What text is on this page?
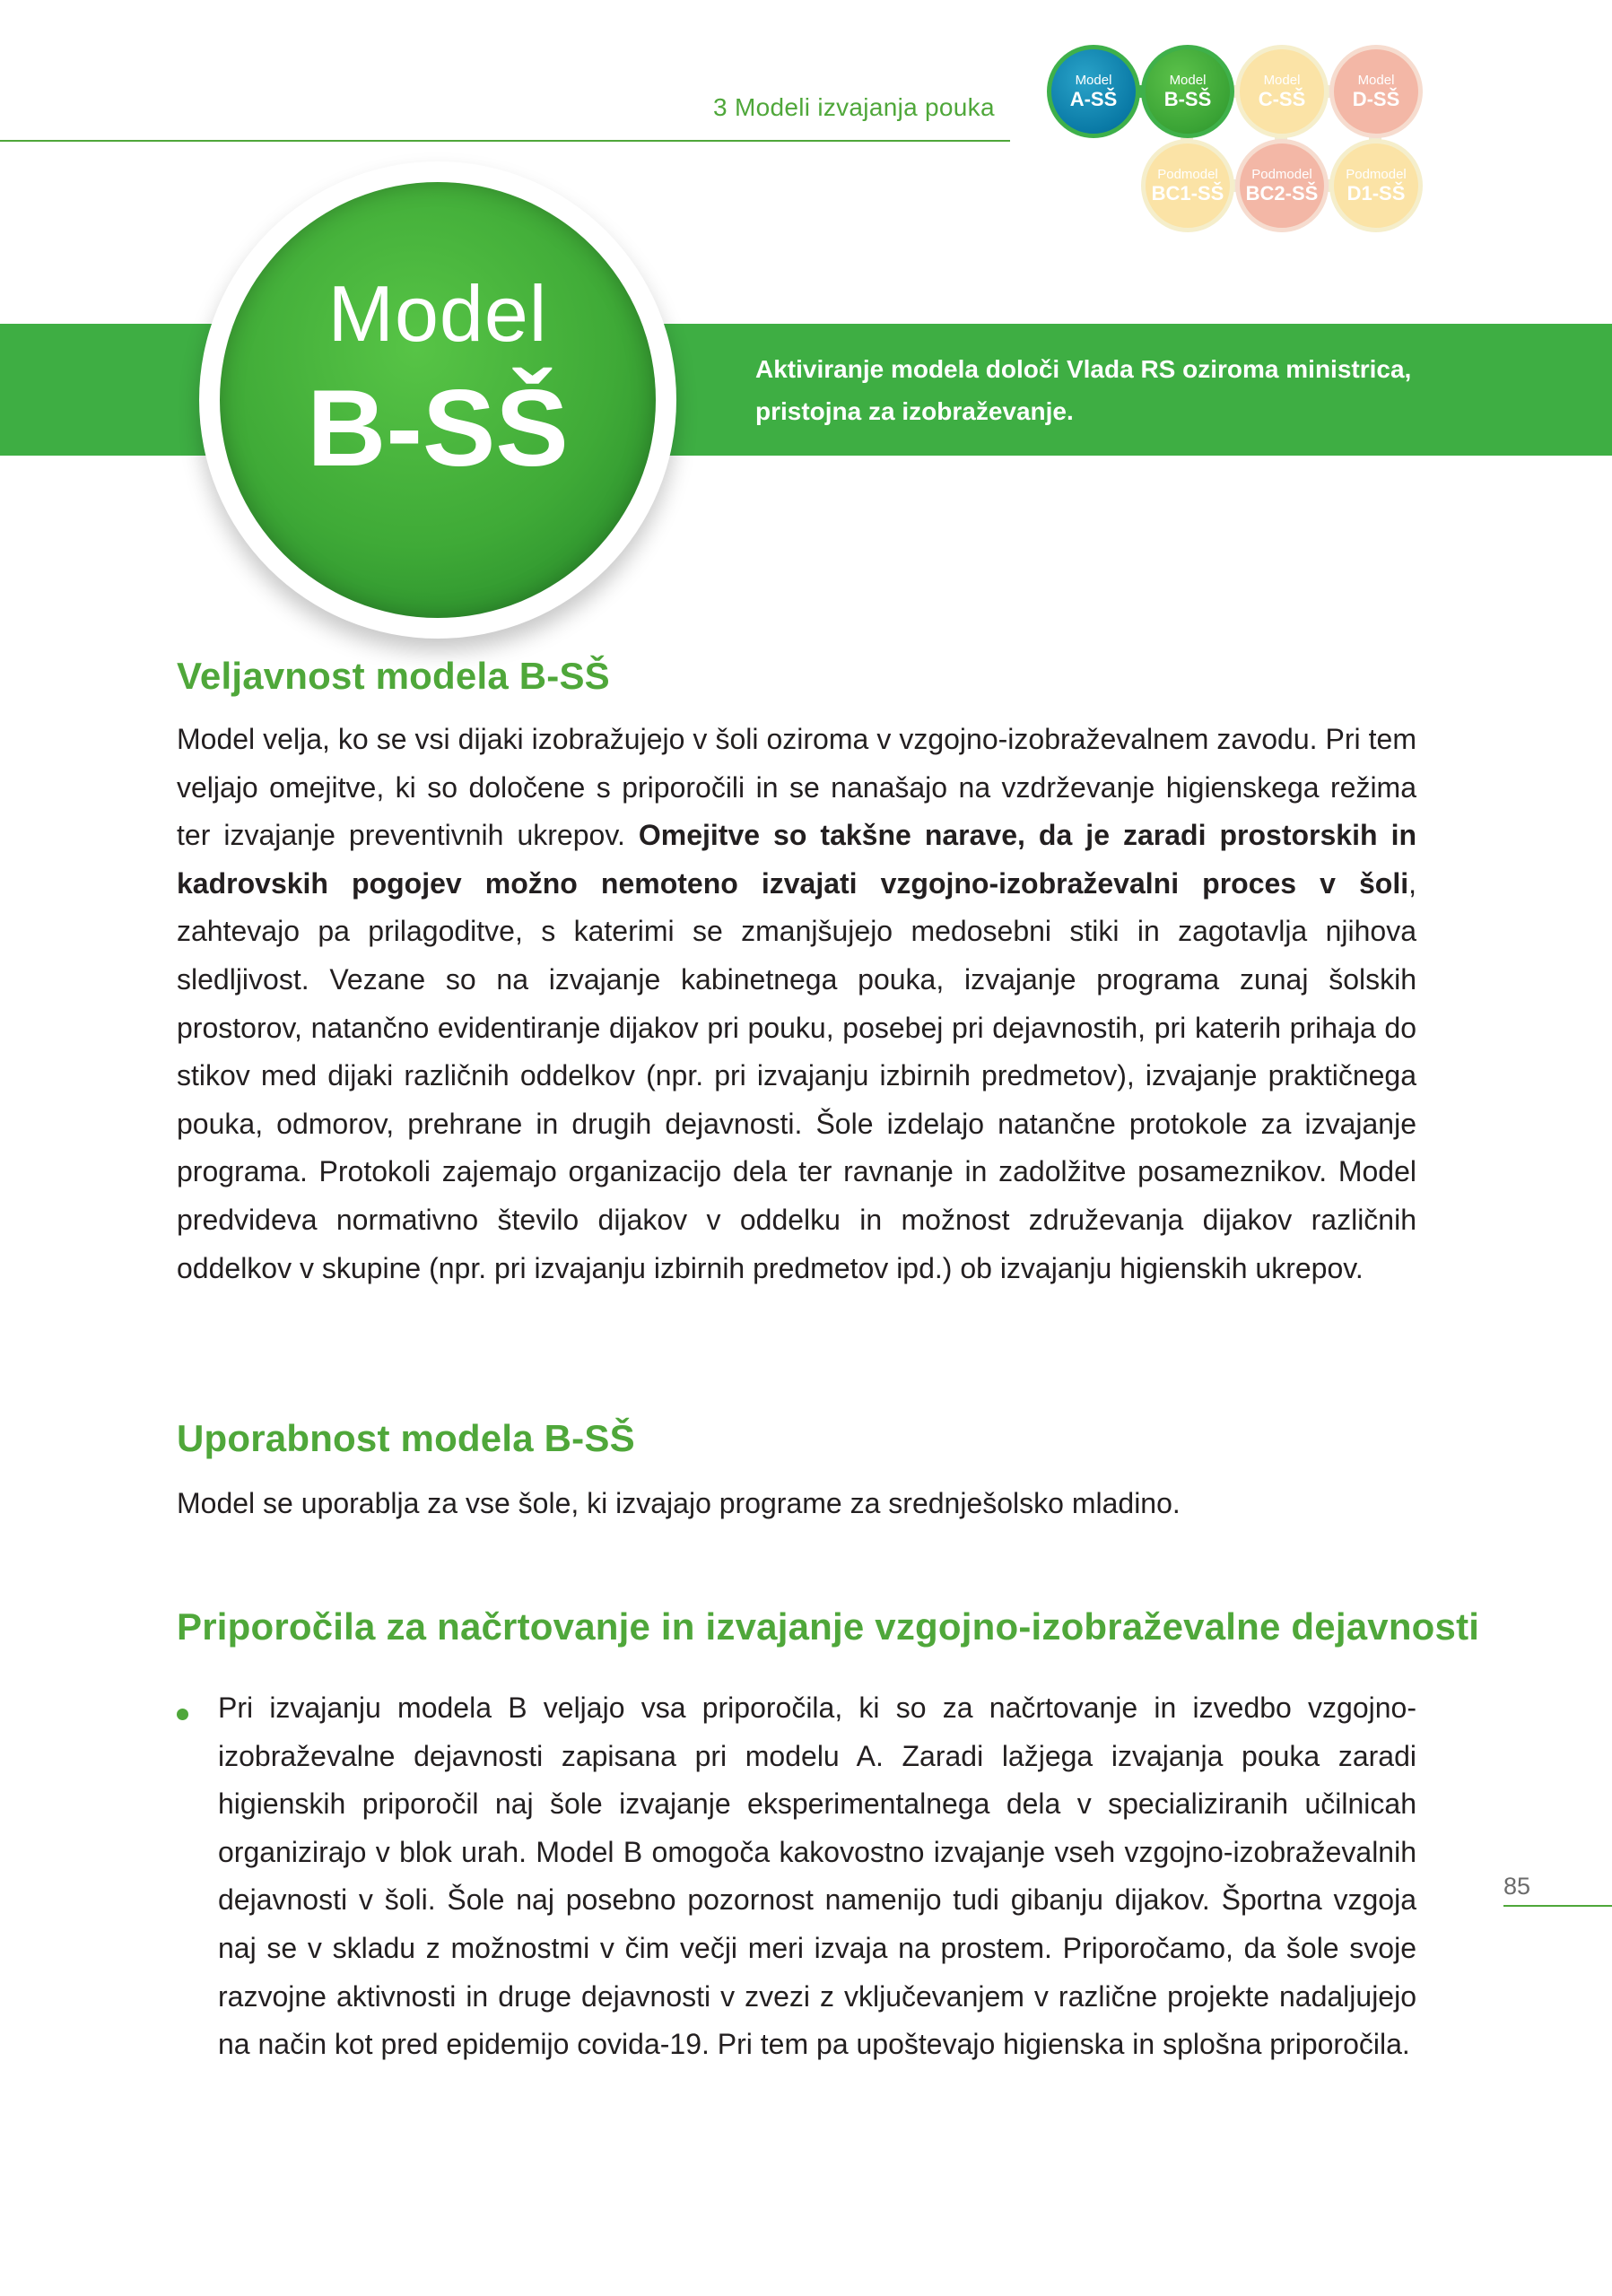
3 Modeli izvajanja pouka
Model
A-SŠ
Model
B-SŠ
Model
C-SŠ
Model
D-SŠ
Podmodel
BC1-SŠ
Podmodel
BC2-SŠ
Podmodel
D1-SŠ
Aktiviranje modela določi Vlada RS oziroma ministrica,
pristojna za izobraževanje.
Model
B-SŠ
Veljavnost modela B-SŠ

Model velja, ko se vsi dijaki izobražujejo v šoli oziroma v vzgojno-izobraževalnem zavodu. Pri tem veljajo omejitve, ki so določene s priporočili in se nanašajo na vzdrževanje higienskega režima ter izvajanje preventivnih ukrepov. Omejitve so takšne narave, da je zaradi prostorskih in kadrovskih pogojev možno nemoteno izvajati vzgojno-izobraževalni proces v šoli, zahtevajo pa prilagoditve, s katerimi se zmanjšujejo medosebni stiki in zagotavlja njihova sledljivost. Vezane so na izvajanje kabinetnega pouka, izvajanje programa zunaj šolskih prostorov, natančno evidentiranje dijakov pri pouku, posebej pri dejavnostih, pri katerih prihaja do stikov med dijaki različnih oddelkov (npr. pri izvajanju izbirnih predmetov), izvajanje praktičnega pouka, odmorov, prehrane in drugih dejavnosti. Šole izdelajo natančne protokole za izvajanje programa. Protokoli zajemajo organizacijo dela ter ravnanje in zadolžitve posameznikov. Model predvideva normativno število dijakov v oddelku in možnost združevanja dijakov različnih oddelkov v skupine (npr. pri izvajanju izbirnih predmetov ipd.) ob izvajanju higienskih ukrepov.

Uporabnost modela B-SŠ

Model se uporablja za vse šole, ki izvajajo programe za srednješolsko mladino.

Priporočila za načrtovanje in izvajanje vzgojno-izobraževalne dejavnosti

Pri izvajanju modela B veljajo vsa priporočila, ki so za načrtovanje in izvedbo vzgojno-izobraževalne dejavnosti zapisana pri modelu A. Zaradi lažjega izvajanja pouka zaradi higienskih priporočil naj šole izvajanje eksperimentalnega dela v specializiranih učilnicah organizirajo v blok urah. Model B omogoča kakovostno izvajanje vseh vzgojno-izobraževalnih dejavnosti v šoli. Šole naj posebno pozornost namenijo tudi gibanju dijakov. Športna vzgoja naj se v skladu z možnostmi v čim večji meri izvaja na prostem. Priporočamo, da šole svoje razvojne aktivnosti in druge dejavnosti v zvezi z vključevanjem v različne projekte nadaljujejo na način kot pred epidemijo covida-19. Pri tem pa upoštevajo higienska in splošna priporočila.

85
